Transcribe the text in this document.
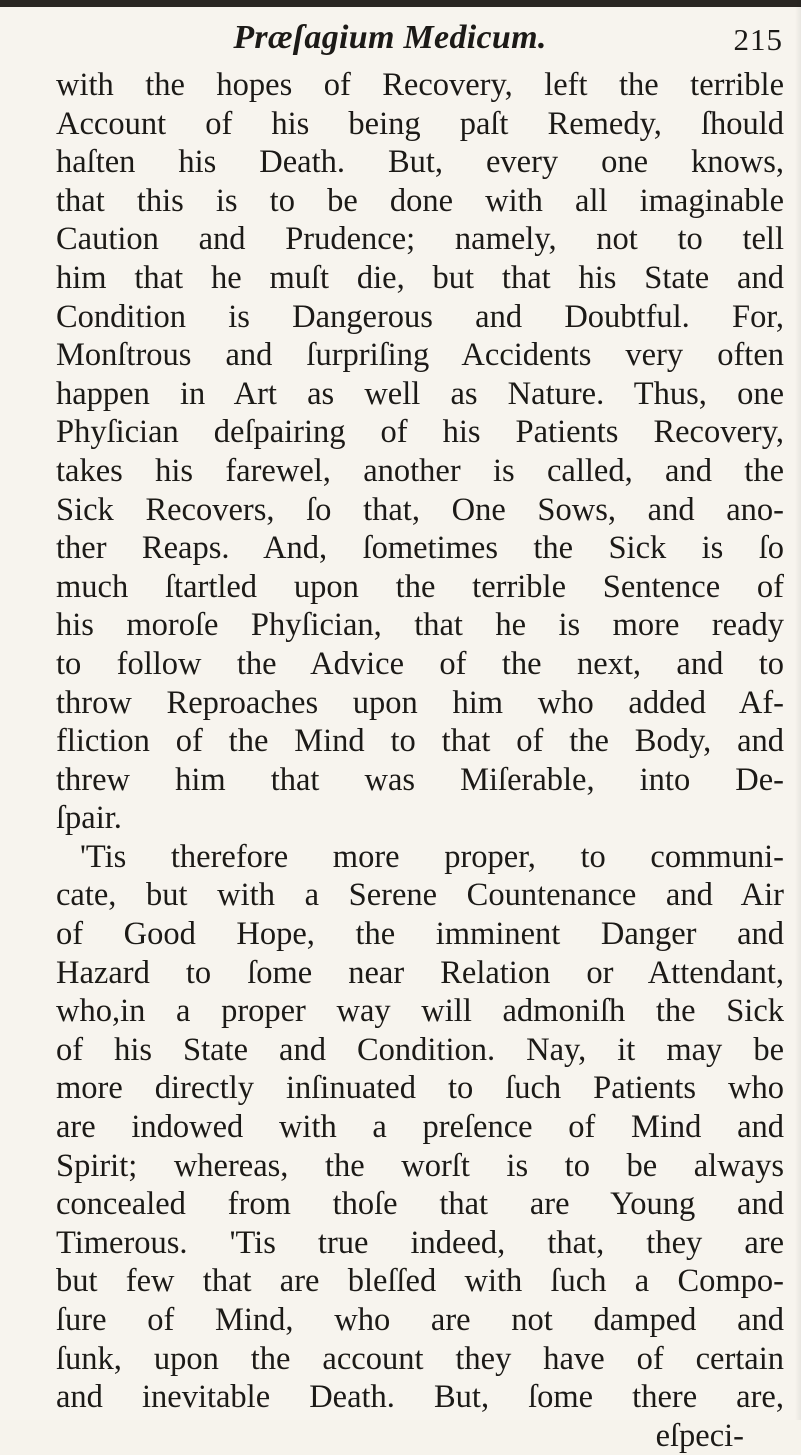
Præſagium Medicum.	215
with the hopes of Recovery, left the terrible
Account of his being paſt Remedy, ſhould
haſten his Death. But, every one knows,
that this is to be done with all imaginable
Caution and Prudence; namely, not to tell
him that he muſt die, but that his State and
Condition is Dangerous and Doubtful. For,
Monſtrous and ſurpriſing Accidents very often
happen in Art as well as Nature. Thus, one
Phyſician deſpairing of his Patients Recovery,
takes his farewel, another is called, and the
Sick Recovers, ſo that, One Sows, and ano-
ther Reaps. And, ſometimes the Sick is ſo
much ſtartled upon the terrible Sentence of
his moroſe Phyſician, that he is more ready
to follow the Advice of the next, and to
throw Reproaches upon him who added Af-
fliction of the Mind to that of the Body, and
threw him that was Miſerable, into De-
ſpair.
'Tis therefore more proper, to communi-
cate, but with a Serene Countenance and Air
of Good Hope, the imminent Danger and
Hazard to ſome near Relation or Attendant,
who,in a proper way will admoniſh the Sick
of his State and Condition. Nay, it may be
more directly inſinuated to ſuch Patients who
are indowed with a preſence of Mind and
Spirit; whereas, the worſt is to be always
concealed from thoſe that are Young and
Timerous. 'Tis true indeed, that, they are
but few that are bleſſed with ſuch a Compo-
ſure of Mind, who are not damped and
ſunk, upon the account they have of certain
and inevitable Death. But, ſome there are,
eſpeci-
